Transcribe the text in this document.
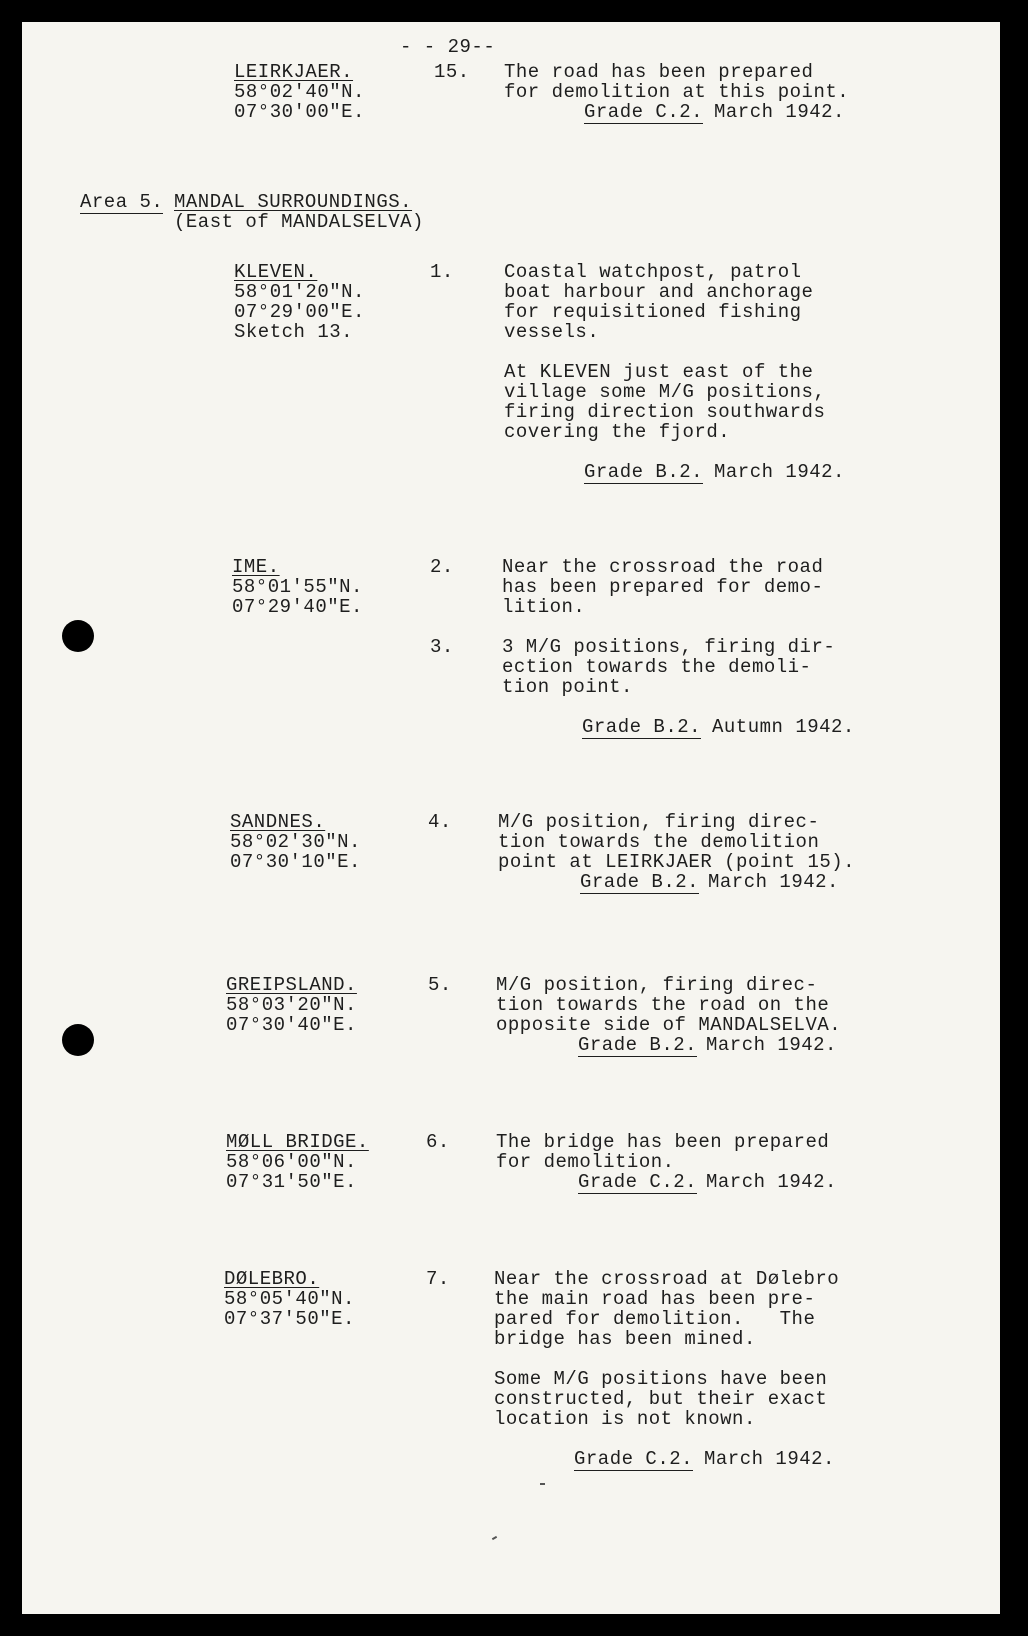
- - 29--
LEIRKJAER.
58°02'40"N.
07°30'00"E.
15. The road has been prepared
for demolition at this point.
Grade C.2. March 1942.
Area 5. MANDAL SURROUNDINGS.
(East of MANDALSELVA)
KLEVEN.
58°01'20"N.
07°29'00"E.
Sketch 13.
1.	Coastal watchpost, patrol
boat harbour and anchorage
for requisitioned fishing
vessels.
At KLEVEN just east of the
village some M/G positions,
firing direction southwards
covering the fjord.
Grade B.2. March 1942.
IME.
58°01'55"N.
07°29'40"E.
2.	Near the crossroad the road
has been prepared for demo-
lition.
3.	3 M/G positions, firing dir-
ection towards the demoli-
tion point.
Grade B.2. Autumn 1942.
SANDNES.
58°02'30"N.
07°30'10"E.
4. M/G position, firing direc-
tion towards the demolition
point at LEIRKJAER (point 15).
Grade B.2. March 1942.
GREIPSLAND.
58°03'20"N.
07°30'40"E.
5. M/G position, firing direc-
tion towards the road on the
opposite side of MANDALSELVA.
Grade B.2. March 1942.
MØLL BRIDGE.
58°06'00"N.
07°31'50"E.
6. The bridge has been prepared
for demolition.
Grade C.2. March 1942.
DØLEBRO.
58°05'40"N.
07°37'50"E.
7. Near the crossroad at Dølebro
the main road has been pre-
pared for demolition.   The
bridge has been mined.
Some M/G positions have been
constructed, but their exact
location is not known.
Grade C.2. March 1942.
